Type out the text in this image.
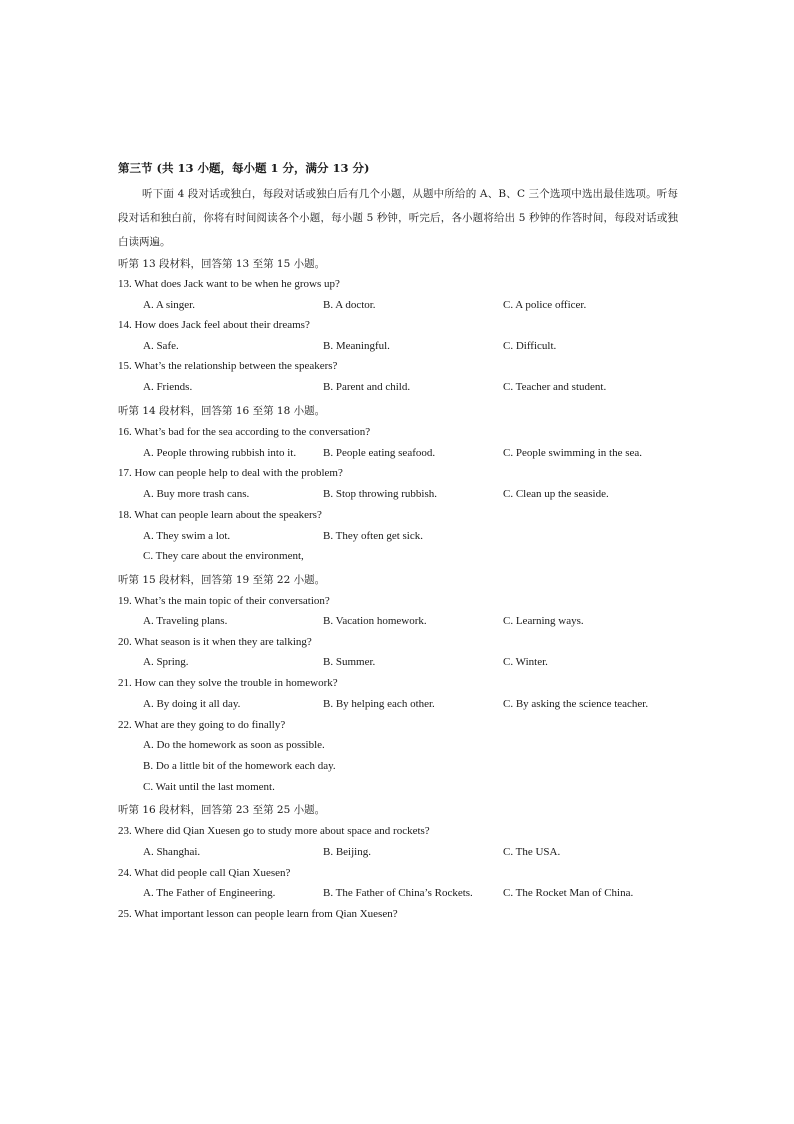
第三节 (共 13 小题，每小题 1 分，满分 13 分)
听下面 4 段对话或独白，每段对话或独白后有几个小题，从题中所给的 A、B、C 三个选项中选出最佳选项。听每段对话和独白前，你将有时间阅读各个小题，每小题 5 秒钟，听完后，各小题将给出 5 秒钟的作答时间，每段对话或独白读两遍。
听第 13 段材料，回答第 13 至第 15 小题。
13. What does Jack want to be when he grows up?
A. A singer.	B. A doctor.	C. A police officer.
14. How does Jack feel about their dreams?
A. Safe.	B. Meaningful.	C. Difficult.
15. What’s the relationship between the speakers?
A. Friends.	B. Parent and child.	C. Teacher and student.
听第 14 段材料，回答第 16 至第 18 小题。
16. What’s bad for the sea according to the conversation?
A. People throwing rubbish into it. B. People eating seafood.	C. People swimming in the sea.
17. How can people help to deal with the problem?
A. Buy more trash cans.	B. Stop throwing rubbish.	C. Clean up the seaside.
18. What can people learn about the speakers?
A. They swim a lot.	B. They often get sick.
C. They care about the environment,
听第 15 段材料，回答第 19 至第 22 小题。
19. What’s the main topic of their conversation?
A. Traveling plans.	B. Vacation homework.	C. Learning ways.
20. What season is it when they are talking?
A. Spring.	B. Summer.	C. Winter.
21. How can they solve the trouble in homework?
A. By doing it all day.	B. By helping each other.	C. By asking the science teacher.
22. What are they going to do finally?
A. Do the homework as soon as possible.
B. Do a little bit of the homework each day.
C. Wait until the last moment.
听第 16 段材料，回答第 23 至第 25 小题。
23. Where did Qian Xuesen go to study more about space and rockets?
A. Shanghai.	B. Beijing.	C. The USA.
24. What did people call Qian Xuesen?
A. The Father of Engineering.	B. The Father of China’s Rockets.	C. The Rocket Man of China.
25. What important lesson can people learn from Qian Xuesen?
